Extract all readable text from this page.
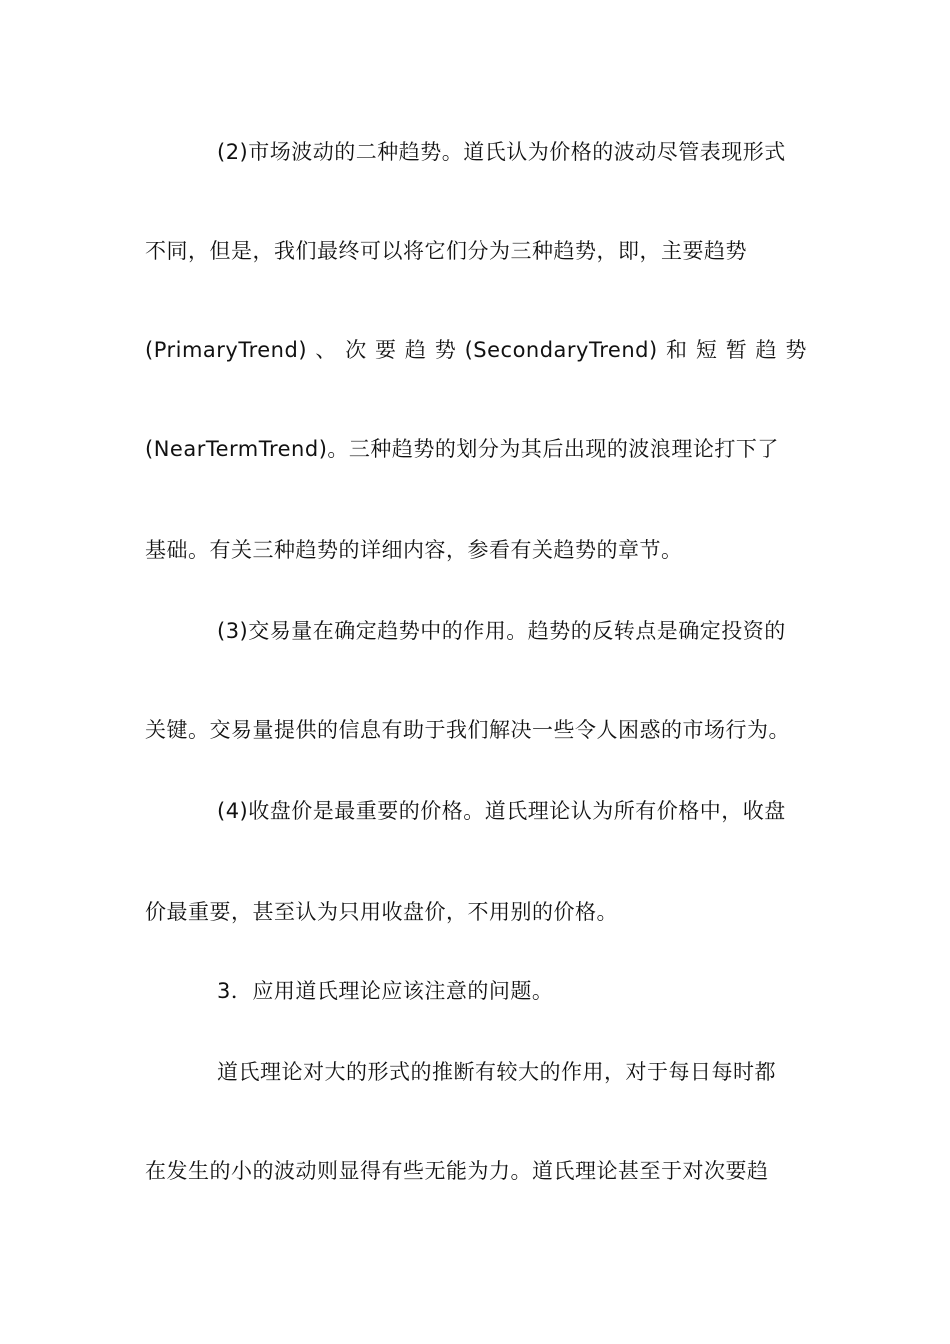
(2)市场波动的二种趋势。道氏认为价格的波动尽管表现形式
不同，但是，我们最终可以将它们分为三种趋势，即，主要趋势
(PrimaryTrend) 、 次 要 趋 势 (SecondaryTrend) 和 短 暂 趋 势
(NearTermTrend)。三种趋势的划分为其后出现的波浪理论打下了
基础。有关三种趋势的详细内容，参看有关趋势的章节。
(3)交易量在确定趋势中的作用。趋势的反转点是确定投资的
关键。交易量提供的信息有助于我们解决一些令人困惑的市场行为。
(4)收盘价是最重要的价格。道氏理论认为所有价格中，收盘
价最重要，甚至认为只用收盘价，不用别的价格。
3．应用道氏理论应该注意的问题。
道氏理论对大的形式的推断有较大的作用，对于每日每时都
在发生的小的波动则显得有些无能为力。道氏理论甚至于对次要趋
